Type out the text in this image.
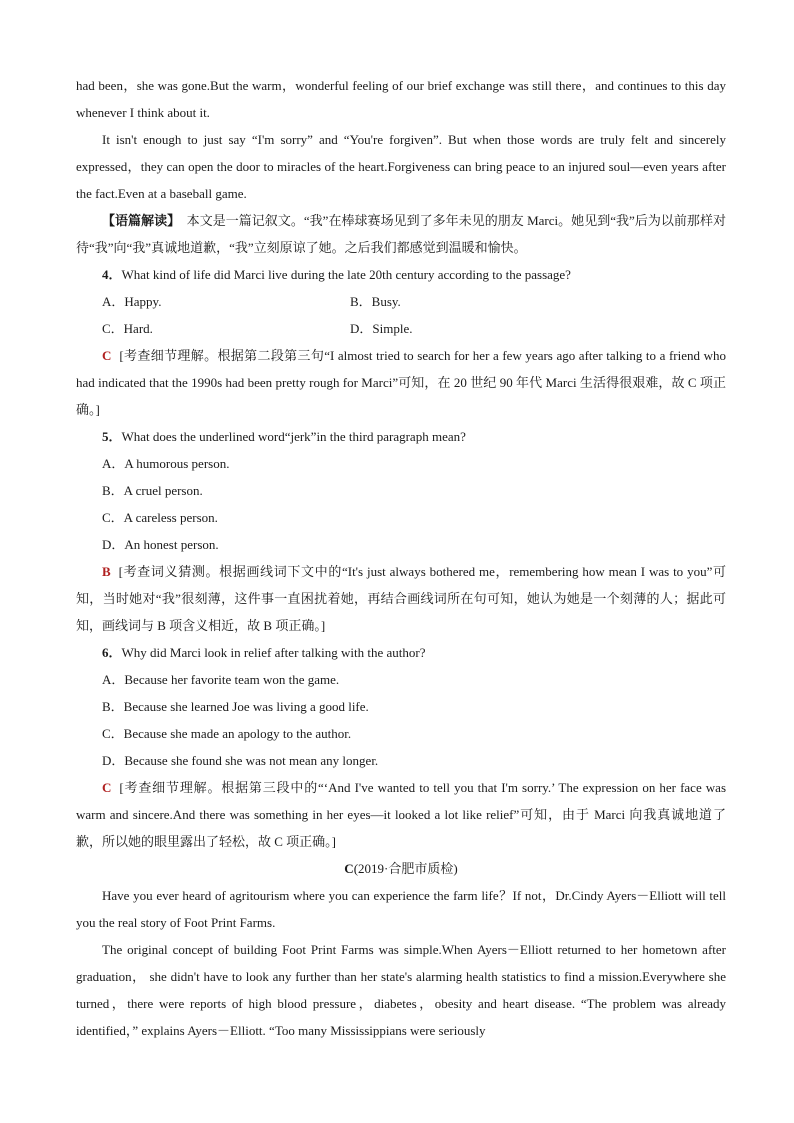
had been，she was gone.But the warm，wonderful feeling of our brief exchange was still there，and continues to this day whenever I think about it.

It isn't enough to just say “I'm sorry” and “You're forgiven”. But when those words are truly felt and sincerely expressed，they can open the door to miracles of the heart.Forgiveness can bring peace to an injured soul—even years after the fact.Even at a baseball game.

【语篇解读】　 本文是一篇记叙文。“我”在棒球赛场见到了多年未见的朋友 Marci。她见到“我”后为以前那样对待“我”向“我”真诚地道歉，“我”立刻原谅了她。之后我们都感觉到温暖和愉快。

4．What kind of life did Marci live during the late 20th century according to the passage?

A．Happy.	B．Busy.
C．Hard.	D．Simple.

C [考查细节理解。根据第二段第三句“I almost tried to search for her a few years ago after talking to a friend who had indicated that the 1990s had been pretty rough for Marci”可知，在 20 世纪 90 年代 Marci 生活得很艰难，故 C 项正确。]

5．What does the underlined word“jerk”in the third paragraph mean?

A．A humorous person.

B．A cruel person.

C．A careless person.

D．An honest person.

B [考查词义猜测。根据画线词下文中的“It's just always bothered me，remembering how mean I was to you”可知，当时她对“我”很刻薄，这件事一直困扰着她，再结合画线词所在句可知，她认为她是一个刻薄的人；据此可知，画线词与 B 项含义相近，故 B 项正确。]

6．Why did Marci look in relief after talking with the author?

A．Because her favorite team won the game.

B．Because she learned Joe was living a good life.

C．Because she made an apology to the author.

D．Because she found she was not mean any longer.

C [考查细节理解。根据第三段中的“‘And I've wanted to tell you that I'm sorry.’ The expression on her face was warm and sincere.And there was something in her eyes—it looked a lot like relief”可知，由于 Marci 向我真诚地道了歉，所以她的眼里露出了轻松，故 C 项正确。]

C(2019·合肥市质检)

Have you ever heard of agritourism where you can experience the farm life？If not，Dr.Cindy Ayers－Elliott will tell you the real story of Foot Print Farms.

The original concept of building Foot Print Farms was simple.When Ayers－Elliott returned to her hometown after graduation， she didn't have to look any further than her state's alarming health statistics to find a mission.Everywhere she turned，there were reports of high blood pressure，diabetes，obesity and heart disease. “The problem was already identified，” explains Ayers－Elliott. “Too many Mississippians were seriously
